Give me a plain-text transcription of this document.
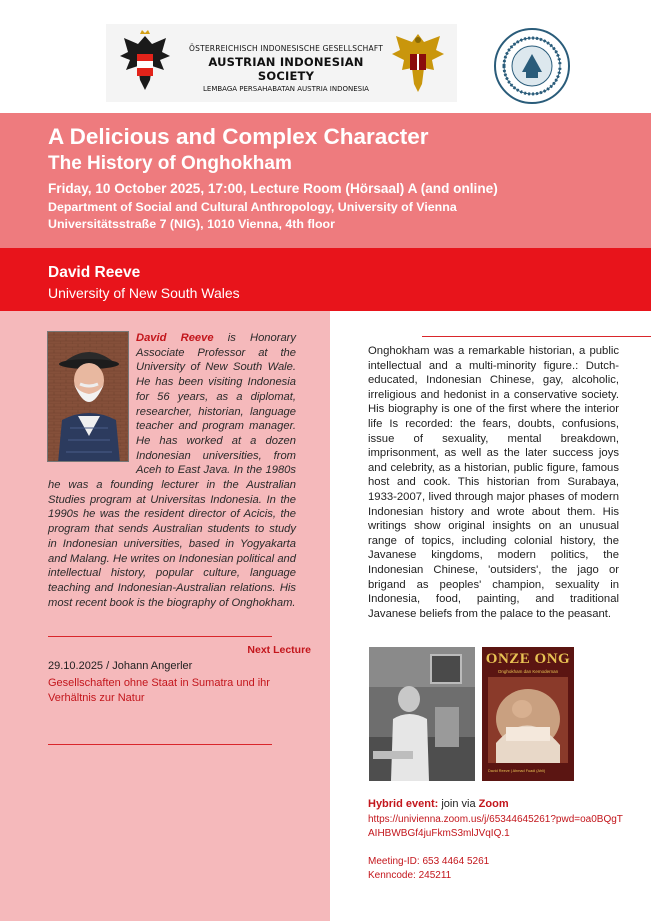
ÖSTERREICHISCH INDONESISCHE GESELLSCHAFT
AUSTRIAN INDONESIAN SOCIETY
LEMBAGA PERSAHABATAN AUSTRIA INDONESIA
A Delicious and Complex Character
The History of Onghokham
Friday, 10 October 2025, 17:00, Lecture Room (Hörsaal) A (and online)
Department of Social and Cultural Anthropology, University of Vienna
Universitätsstraße 7 (NIG), 1010 Vienna, 4th floor
David Reeve
University of New South Wales
David Reeve is Honorary Associate Professor at the University of New South Wale. He has been visiting Indonesia for 56 years, as a diplomat, researcher, historian, language teacher and program manager. He has worked at a dozen Indonesian universities, from Aceh to East Java. In the 1980s he was a founding lecturer in the Australian Studies program at Universitas Indonesia. In the 1990s he was the resident director of Acicis, the program that sends Australian students to study in Indonesian universities, based in Yogyakarta and Malang. He writes on Indonesian political and intellectual history, popular culture, language teaching and Indonesian-Australian relations. His most recent book is the biography of Onghokham.
Next Lecture
29.10.2025 / Johann Angerler
Gesellschaften ohne Staat in Sumatra und ihr Verhältnis zur Natur
Onghokham was a remarkable historian, a public intellectual and a multi-minority figure.: Dutch-educated, Indonesian Chinese, gay, alcoholic, irreligious and hedonist in a conservative society. His biography is one of the first where the interior life Is recorded: the fears, doubts, confusions, issue of sexuality, mental breakdown, imprisonment, as well as the later success joys and celebrity, as a historian, public figure, famous host and cook. This historian from Surabaya, 1933-2007, lived through major phases of modern Indonesian history and wrote about them. His writings show original insights on an unusual range of topics, including colonial history, the Javanese kingdoms, modern politics, the Indonesian Chinese, 'outsiders', the jago or brigand as peoples' champion, sexuality in Indonesia, food, painting, and traditional Javanese beliefs from the palace to the peasant.
ONZE ONG
Onghokham dan Kemodernan
David Reeve | Ahmad Fuadi (Ahli)
Hybrid event: join via Zoom
https://univienna.zoom.us/j/65344645261?pwd=oa0BQgTAIHBWBGf4juFkmS3mlJVqIQ.1
Meeting-ID: 653 4464 5261
Kenncode: 245211
